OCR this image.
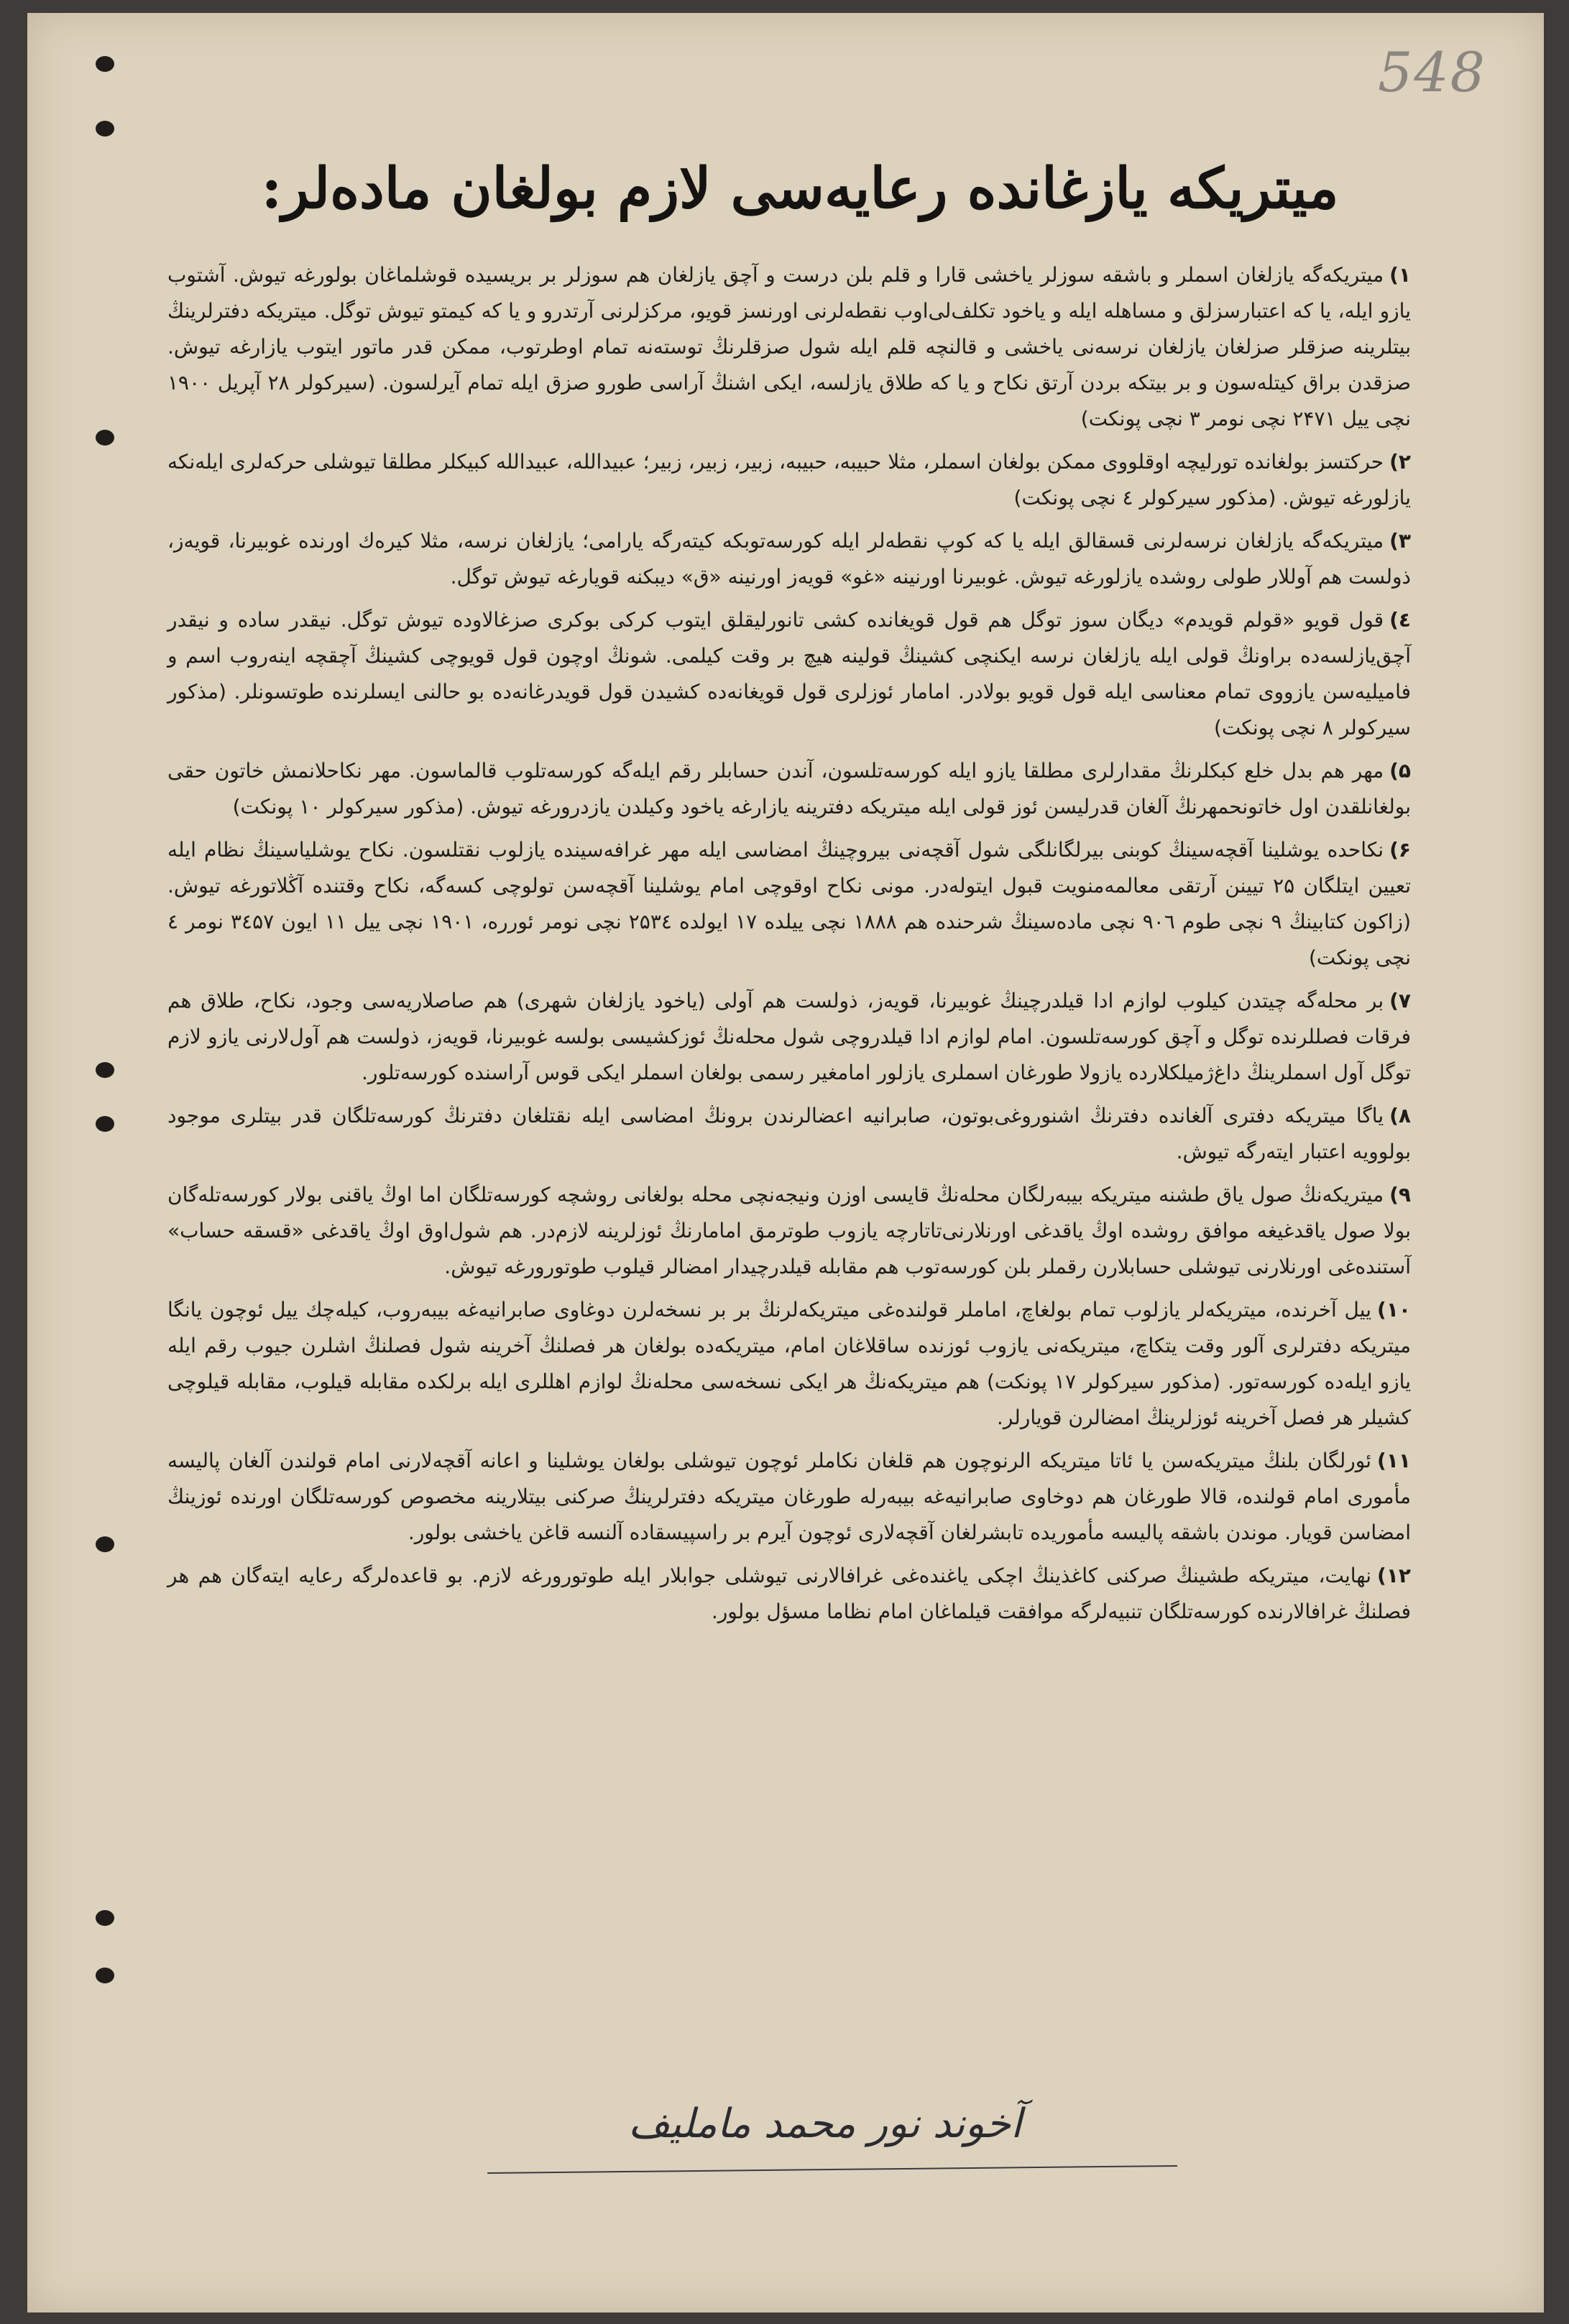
548
میتریکه یازغانده رعایه‌سی لازم بولغان ماده‌لر:

۱)میتریکه‌گه یازلغان اسملر و باشقه سوزلر یاخشی قارا و قلم بلن درست و آچق یازلغان هم سوزلر بر بریسیده قوشلماغان بولورغه تیوش. آشتوب یازو ایله، یا که اعتبارسزلق و مساهله ایله و یاخود تکلف‌لی‌اوب نقطه‌لرنی اورنسز قویو، مرکزلرنی آرتدرو و یا که کیمتو تیوش توگل. میتریکه دفترلرینڭ بیتلرینه صزقلر صزلغان یازلغان نرسه‌نی یاخشی و قالنچه قلم ایله شول صزقلرنڭ توسته‌نه تمام اوطرتوب، ممکن قدر ماتور ایتوب یازارغه تیوش. صزقدن براق کیتله‌سون و بر بیتکه بردن آرتق نکاح و یا که طلاق یازلسه، ایکی اشنڭ آراسی طورو صزق ایله تمام آیرلسون. (سیرکولر ۲۸ آپریل ۱۹۰۰ نچی ییل ۲۴۷۱ نچی نومر ۳ نچی پونکت)

۲)حرکتسز بولغانده تورلیچه اوقلووی ممکن بولغان اسملر، مثلا حبیبه، حبیبه، زبیر، زبیر، زبیر؛ عبیدالله، عبیدالله کبیکلر مطلقا تیوشلی حرکه‌لری ایله‌نکه یازلورغه تیوش. (مذکور سیرکولر ٤ نچی پونکت)

۳)میتریکه‌گه یازلغان نرسه‌لرنی قسقالق ایله یا که کوپ نقطه‌لر ایله کورسه‌توبکه کیته‌رگه یارامی؛ یازلغان نرسه، مثلا کیره‌ك اورنده غوبیرنا، قویه‌ز، ذولست هم آوللار طولی روشده یازلورغه تیوش. غوبیرنا اورنینه «غو» قویه‌ز اورنینه «ق» دیبکنه قویارغه تیوش توگل.

٤)قول قویو «قولم قویدم» دیگان سوز توگل هم قول قویغانده کشی تانورلیقلق ایتوب کرکی بوکری صزغالاوده تیوش توگل. نیقدر ساده و نیقدر آچق‌یازلسه‌ده براونڭ قولی ایله یازلغان نرسه ایکنچی کشینڭ قولینه هیچ بر وقت کیلمی. شونڭ اوچون قول قویوچی کشینڭ آچقچه اینه‌روب اسم و فامیلیه‌سن یازووی تمام معناسی ایله قول قویو بولادر. امامار ئوزلری قول قویغانه‌ده کشیدن قول قویدرغانه‌ده بو حالنی ایسلرنده طوتسونلر. (مذکور سیرکولر ۸ نچی پونکت)

۵)مهر هم بدل خلع کبکلرنڭ مقدارلری مطلقا یازو ایله کورسه‌تلسون، آندن حسابلر رقم ایله‌گه کورسه‌تلوب قالماسون. مهر نکاحلانمش خاتون حقی بولغانلقدن اول خاتونحمهرنڭ آلغان قدرلیسن ئوز قولی ایله میتریکه دفترینه یازارغه یاخود وکیلدن یازدرورغه تیوش. (مذکور سیرکولر ۱۰ پونکت)

۶)نکاحده یوشلینا آقچه‌سینڭ کوبنی بیرلگانلگی شول آقچه‌نی بیروچینڭ امضاسی ایله مهر غرافه‌سینده یازلوب نقتلسون. نکاح یوشلیاسینڭ نظام ایله تعیین ایتلگان ۲۵ تیینن آرتقی معالمه‌منویت قبول ایتوله‌در. مونی نکاح اوقوچی امام یوشلینا آقچه‌سن تولوچی کسه‌گه، نکاح وقتنده آڭلاتورغه تیوش. (زاکون کتابینڭ ۹ نچی طوم ۹۰٦ نچی ماده‌سینڭ شرحنده هم ۱۸۸۸ نچی ییلده ۱۷ ایولده ۲۵۳٤ نچی نومر ئورره، ۱۹۰۱ نچی ییل ۱۱ ایون ۳٤۵۷ نومر ٤ نچی پونکت)

۷)بر محله‌گه چیتدن کیلوب لوازم ادا قیلدرچینڭ غوبیرنا، قویه‌ز، ذولست هم آولی (یاخود یازلغان شهری) هم صاصلاریه‌سی وجود، نکاح، طلاق هم فرقات فصللرنده توگل و آچق کورسه‌تلسون. امام لوازم ادا قیلدروچی شول محله‌نڭ ئوزکشیسی بولسه غوبیرنا، قویه‌ز، ذولست هم آول‌لارنی یازو لازم توگل آول‌ اسملرینڭ داغ‌ژمیلکلارده یازولا طورغان اسملری یازلور امامغیر رسمی بولغان اسملر ایکی قوس آراسنده کورسه‌تلور.

۸)یاگا میتریکه دفتری آلغانده دفترنڭ اشنوروغی‌بوتون، صابرانیه اعضالرندن برونڭ امضاسی ایله نقتلغان دفترنڭ کورسه‌تلگان قدر بیتلری موجود بولوویه اعتبار ایته‌رگه تیوش.

۹)میتریکه‌نڭ صول یاق طشنه میتریکه بیبه‌رلگان محله‌نڭ قایسی اوزن ونیجه‌نچی محله بولغانی روشچه کورسه‌تلگان اما اوڭ یاقنی بولار کورسه‌تله‌گان بولا صول یاقدغیغه موافق روشده اوڭ یاقدغی اورنلارنی‌تاتارچه یازوب طوترمق امامارنڭ ئوزلرینه لازم‌در. هم شول‌اوق اوڭ یاقدغی «قسقه حساب» آستنده‌غی اورنلارنی تیوشلی حسابلارن رقملر بلن کورسه‌توب هم مقابله قیلدرچیدار امضالر قیلوب طوتورورغه تیوش.

۱۰)ییل آخرنده، میتریکه‌لر یازلوب تمام بولغاچ، اماملر قولنده‌غی میتریکه‌لرنڭ بر بر نسخه‌لرن دوغاوی صابرانیه‌غه بیبه‌روب، کیله‌چك ییل ئوچون یانگا میتریکه دفترلری آلور وقت یتکاچ، میتریکه‌نی یازوب ئوزنده ساقلاغان امام، میتریکه‌ده بولغان هر فصلنڭ آخرینه شول فصلنڭ اشلرن جیوب رقم ایله یازو ایله‌ده کورسه‌تور. (مذکور سیرکولر ۱۷ پونکت) هم میتریکه‌نڭ هر ایکی نسخه‌سی محله‌نڭ لوازم اهللری ایله برلکده مقابله قیلوب، مقابله قیلوچی کشیلر هر فصل آخرینه ئوزلرینڭ امضالرن قویارلر.

۱۱)ئورلگان بلنڭ میتریکه‌سن یا ئاتا میتریکه الرنوچون هم قلغان نکاملر ئوچون تیوشلی بولغان یوشلینا و اعانه آقچه‌لارنی امام قولندن آلغان پالیسه مأموری امام قولنده، قالا طورغان هم دوخاوی صابرانیه‌غه بیبه‌رله طورغان میتریکه دفترلرینڭ صرکنی بیتلارینه مخصوص کورسه‌تلگان اورنده ئوزینڭ امضاسن قویار. موندن باشقه پالیسه مأموریده تابشرلغان آقچه‌لاری ئوچون آیرم بر راسپیسقاده آلنسه قاغن یاخشی بولور.

۱۲)نهایت، میتریکه طشینڭ صرکنی کاغذینڭ اچکی یاغنده‌غی غرافالارنی تیوشلی جوابلار ایله طوتورورغه لازم. بو قاعده‌لرگه رعایه ایته‌گان هم هر فصلنڭ غرافالارنده کورسه‌تلگان تنبیه‌لرگه موافقت قیلماغان امام نظاما مسؤل بولور.

آخوند نور محمد ماملیف
